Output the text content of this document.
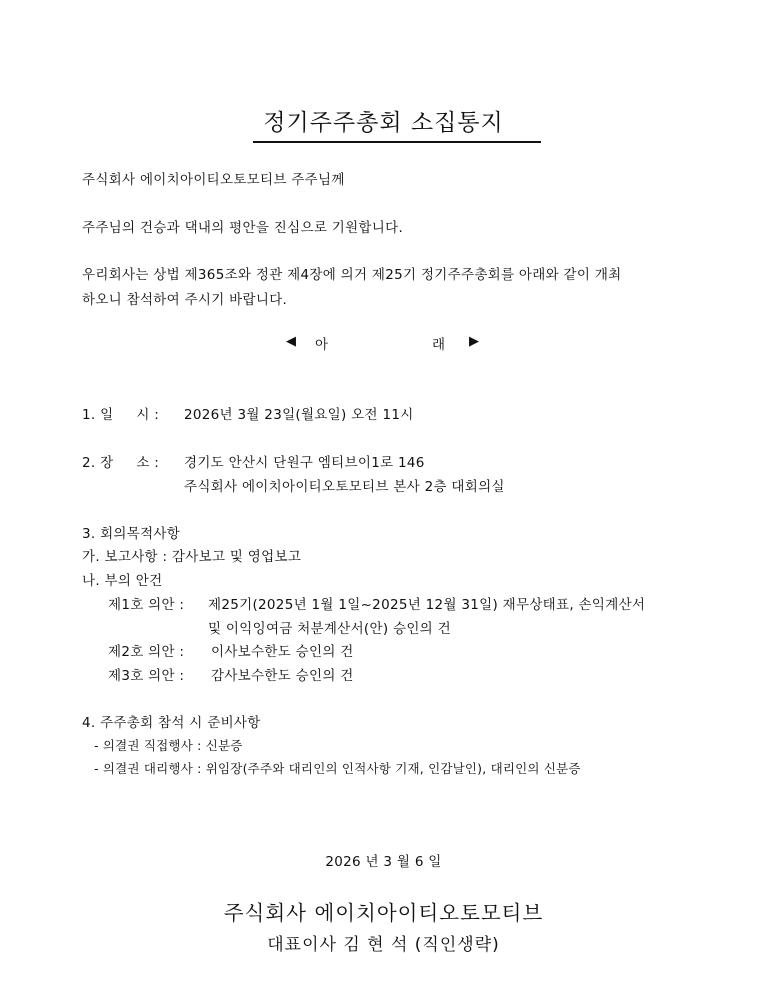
정기주주총회 소집통지
주식회사 에이치아이티오토모티브 주주님께
주주님의 건승과 댁내의 평안을 진심으로 기원합니다.
우리회사는 상법 제365조와 정관 제4장에 의거 제25기 정기주주총회를 아래와 같이 개최
하오니 참석하여 주시기 바랍니다.
◀ 아	래 ▶
1. 일     시 : 2026년 3월 23일(월요일) 오전 11시
2. 장     소 : 경기도 안산시 단원구 엠티브이1로 146
주식회사 에이치아이티오토모티브 본사 2층 대회의실
3. 회의목적사항
가. 보고사항 : 감사보고 및 영업보고
나. 부의 안건
제1호 의안 : 제25기(2025년 1월 1일~2025년 12월 31일) 재무상태표, 손익계산서
및 이익잉여금 처분계산서(안) 승인의 건
제2호 의안 : 이사보수한도 승인의 건
제3호 의안 : 감사보수한도 승인의 건
4. 주주총회 참석 시 준비사항
- 의결권 직접행사 : 신분증
- 의결권 대리행사 : 위임장(주주와 대리인의 인적사항 기재, 인감날인), 대리인의 신분증
2026 년 3 월 6 일
주식회사 에이치아이티오토모티브
대표이사 김 현 석 (직인생략)
